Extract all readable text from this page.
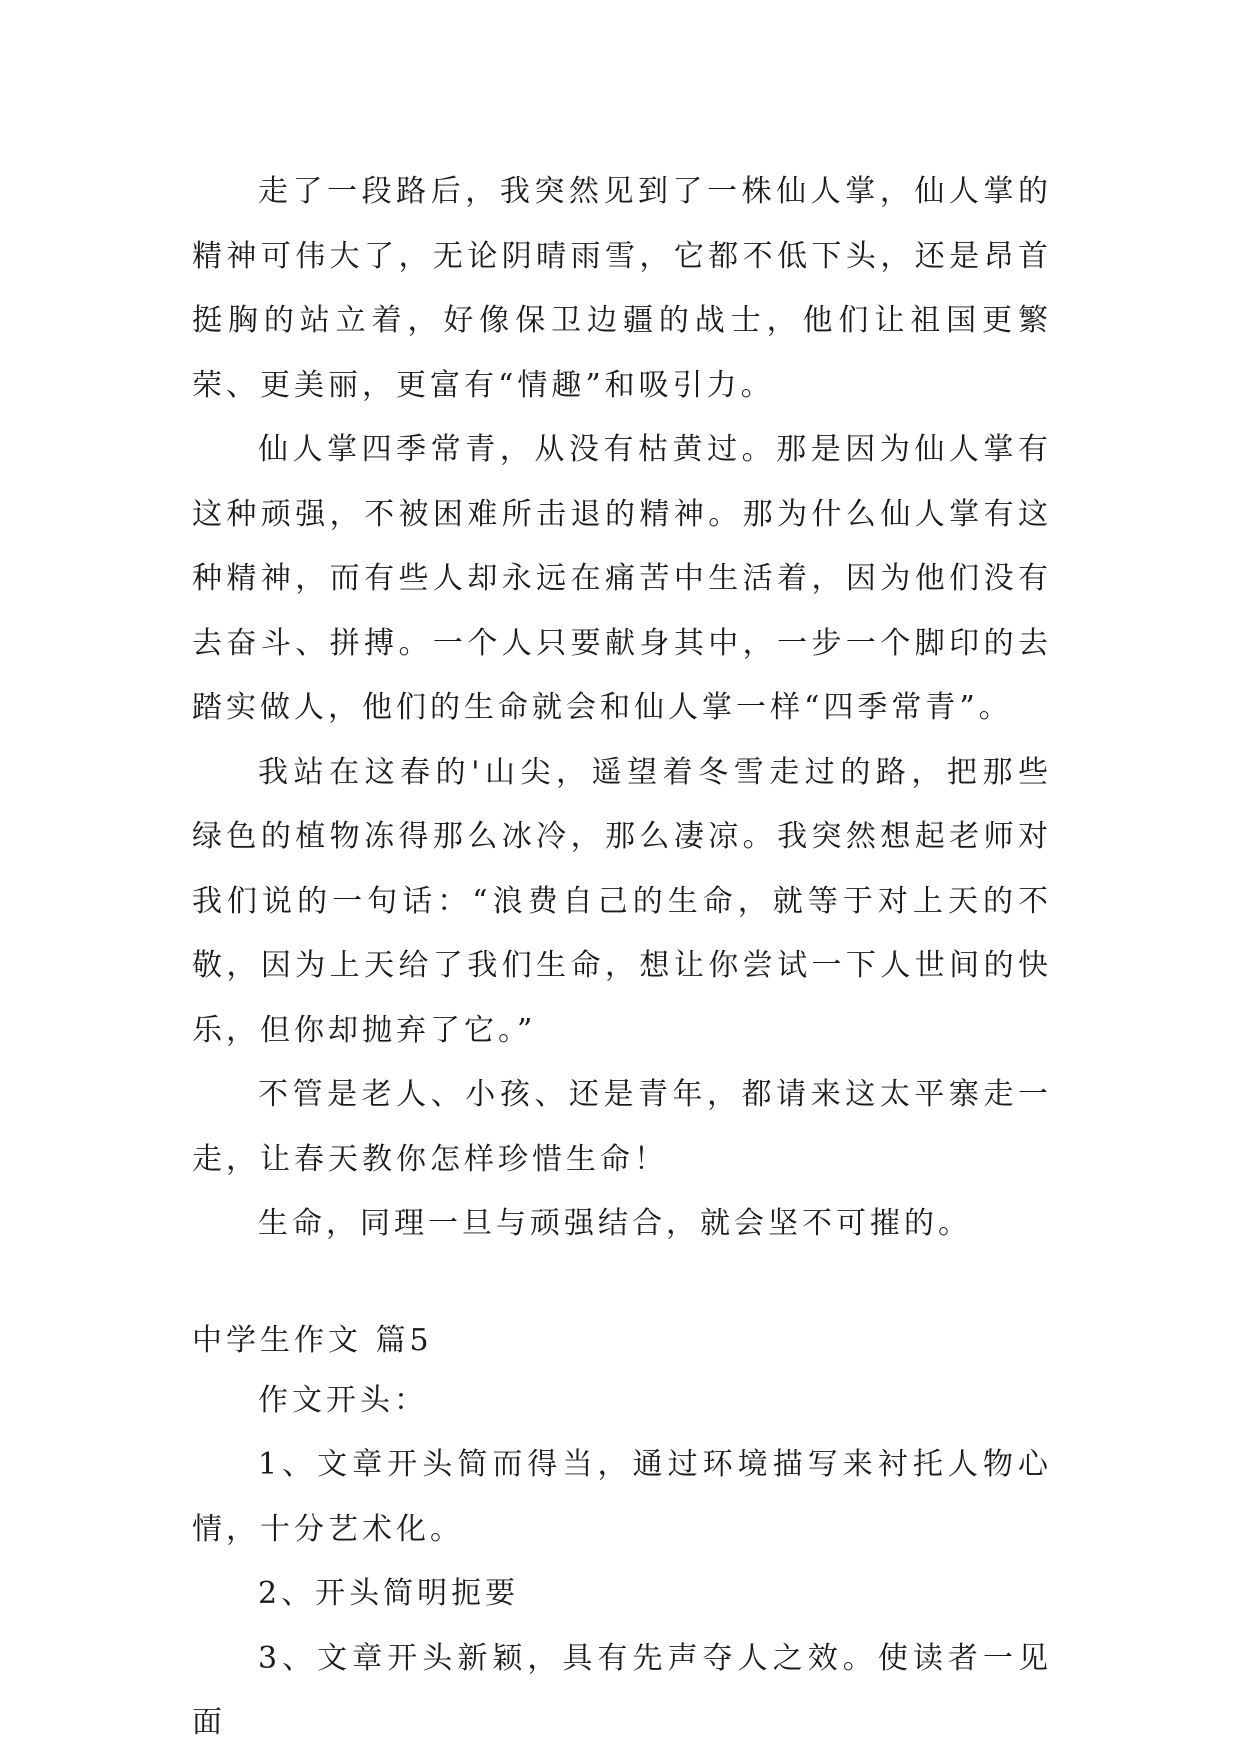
走了一段路后，我突然见到了一株仙人掌，仙人掌的精神可伟大了，无论阴晴雨雪，它都不低下头，还是昂首挺胸的站立着，好像保卫边疆的战士，他们让祖国更繁荣、更美丽，更富有“情趣”和吸引力。

仙人掌四季常青，从没有枯黄过。那是因为仙人掌有这种顽强，不被困难所击退的精神。那为什么仙人掌有这种精神，而有些人却永远在痛苦中生活着，因为他们没有去奋斗、拼搏。一个人只要献身其中，一步一个脚印的去踏实做人，他们的生命就会和仙人掌一样“四季常青”。

我站在这春的'山尖，遥望着冬雪走过的路，把那些绿色的植物冻得那么冰冷，那么凄凉。我突然想起老师对我们说的一句话：“浪费自己的生命，就等于对上天的不敬，因为上天给了我们生命，想让你尝试一下人世间的快乐，但你却抛弃了它。”

不管是老人、小孩、还是青年，都请来这太平寨走一走，让春天教你怎样珍惜生命！

生命，同理一旦与顽强结合，就会坚不可摧的。

中学生作文 篇5

作文开头：

1、文章开头简而得当，通过环境描写来衬托人物心情，十分艺术化。

2、开头简明扼要

3、文章开头新颖，具有先声夺人之效。使读者一见面
